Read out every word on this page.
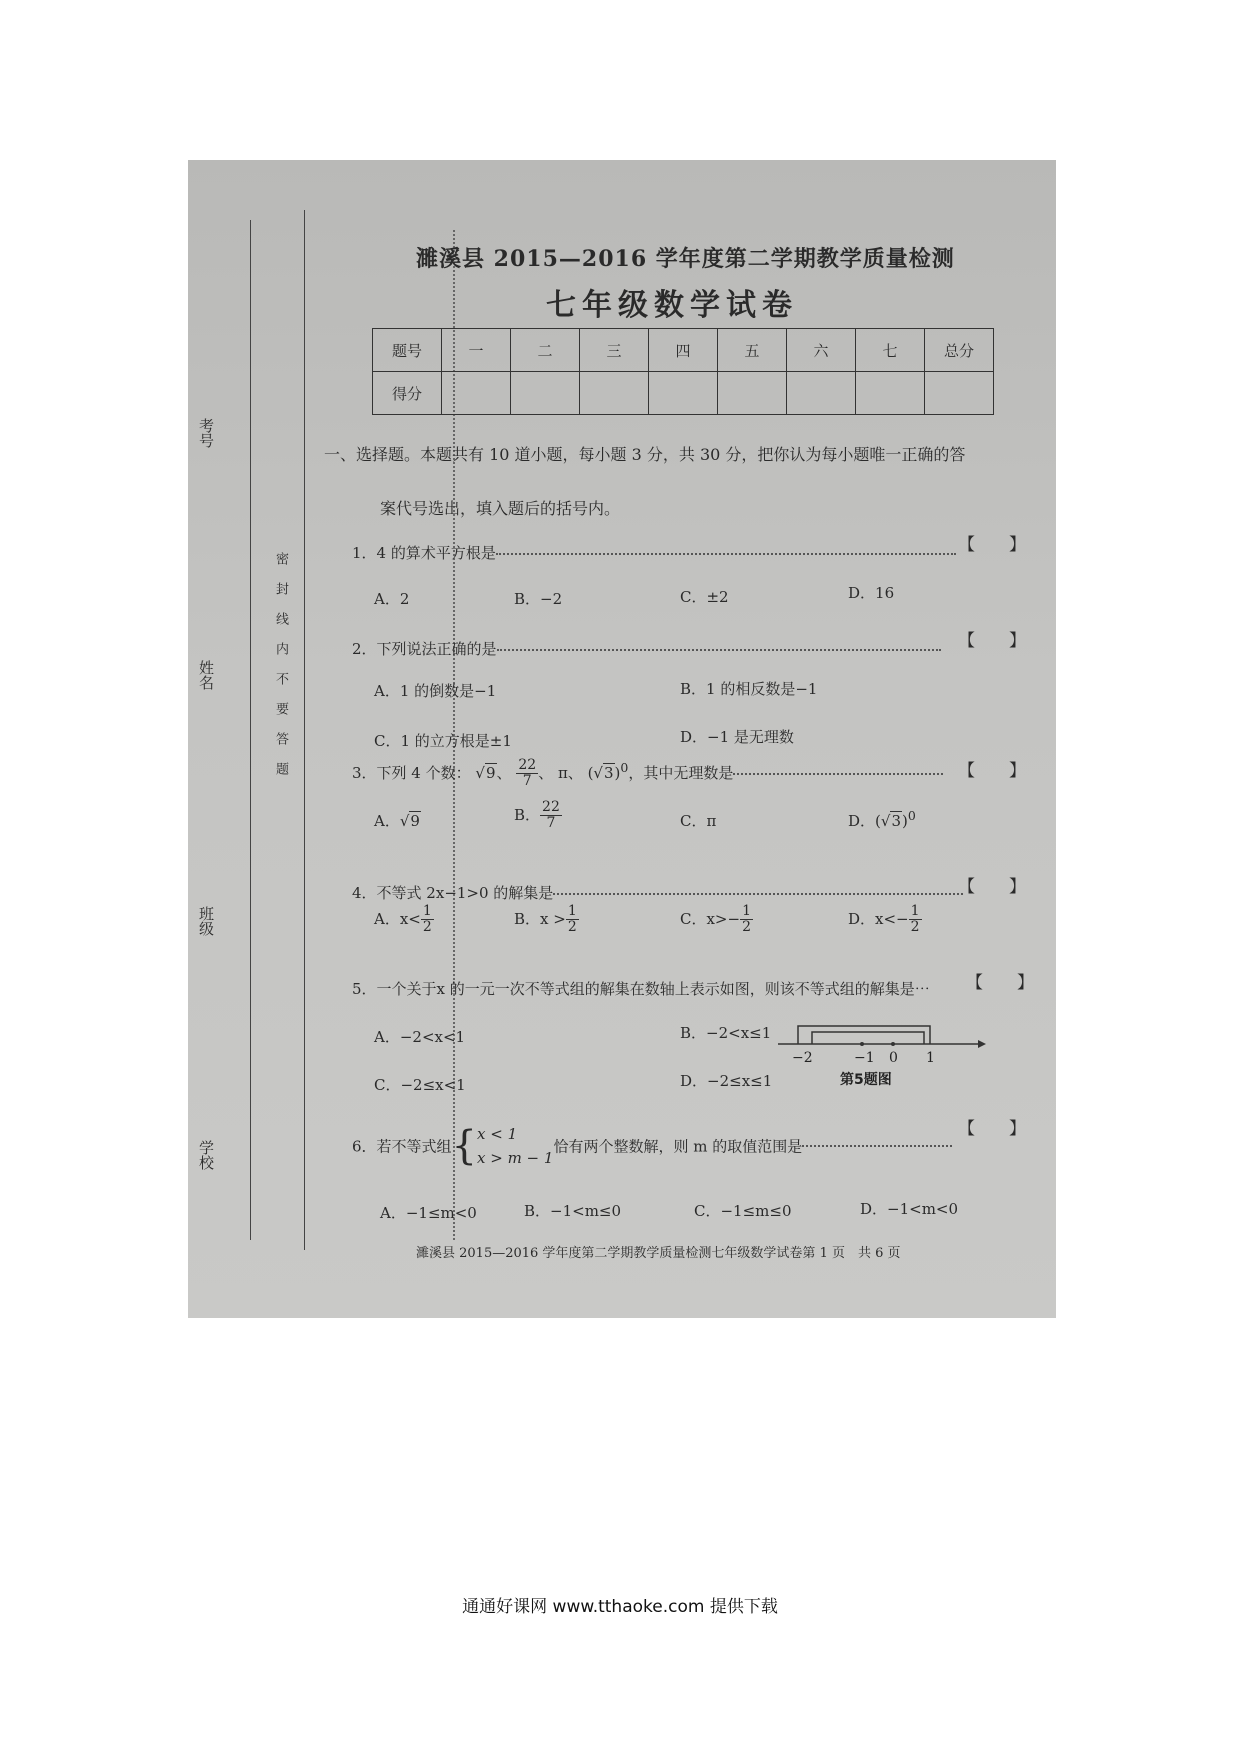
考号
姓名
班级
学校
密封线内不要答题
濉溪县 2015—2016 学年度第二学期教学质量检测
七年级数学试卷
题号	一	二	三	四	五	六	七	总分
得分								
一、选择题。本题共有 10 道小题，每小题 3 分，共 30 分，把你认为每小题唯一正确的答
案代号选出，填入题后的括号内。
1．4 的算术平方根是	【　　】
A．2	B．−2	C．±2	D．16
2．下列说法正确的是	【　　】
A．1 的倒数是−1	B．1 的相反数是−1
C．1 的立方根是±1	D．−1 是无理数
3．下列 4 个数： √9、 $\frac{22}{7}$ 、 π、 $(√3)^0$，其中无理数是	【　　】
A．√9	B． $\frac{22}{7}$	C．π	D．$(√3)^0$
4．不等式 2x−1>0 的解集是	【　　】
A．$x< \frac{1}{2}$	B．$x > \frac{1}{2}$	C．$x>- \frac{1}{2}$	D．$x<- \frac{1}{2}$
5．一个关于x 的一元一次不等式组的解集在数轴上表示如图，则该不等式组的解集是⋯ 【　　】
A．−2<x<1	B．−2<x≤1
C．−2≤x<1	D．−2≤x≤1
−2	−1 0 1
第5题图
6．若不等式组{ x < 1
x > m − 1
恰有两个整数解，则 m 的取值范围是
【　　】
A．−1≤m<0	B．−1<m≤0	C．−1≤m≤0	D．−1<m<0
濉溪县 2015—2016 学年度第二学期教学质量检测七年级数学试卷第 1 页　共 6 页
通通好课网 www.tthaoke.com 提供下载
